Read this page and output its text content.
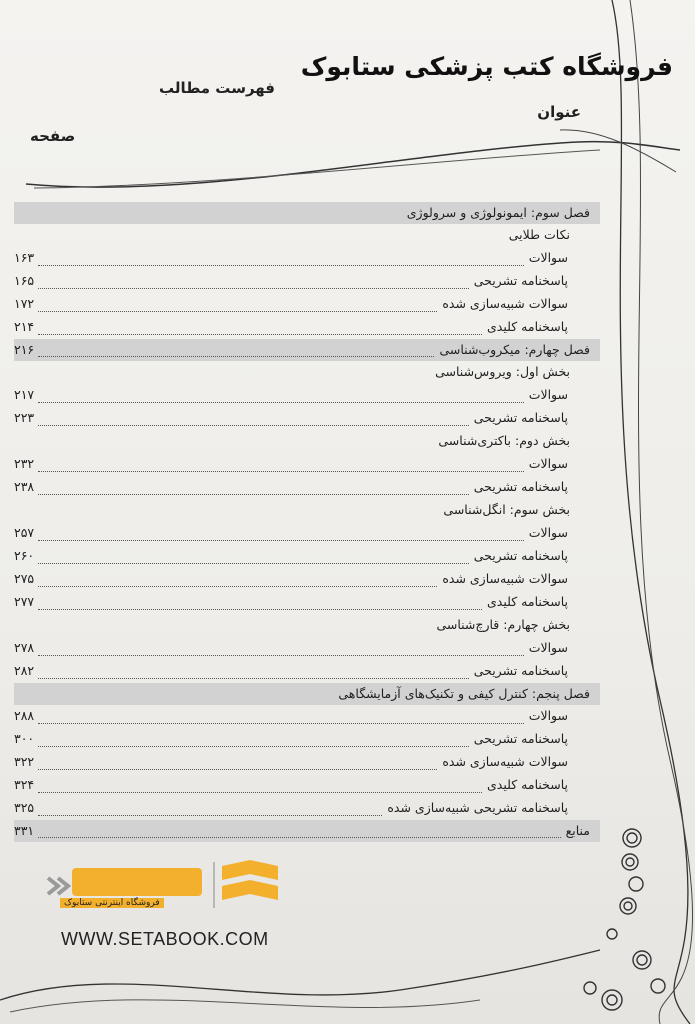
فروشگاه کتب پزشکی ستابوک
فهرست مطالب
عنوان
صفحه
فصل سوم: ایمونولوژی و سرولوژی
نکات طلایی
سوالات
۱۶۳
پاسخنامه تشریحی
۱۶۵
سوالات شبیه‌سازی شده
۱۷۲
پاسخنامه کلیدی
۲۱۴
فصل چهارم: میکروب‌شناسی
۲۱۶
بخش اول: ویروس‌شناسی
سوالات
۲۱۷
پاسخنامه تشریحی
۲۲۳
بخش دوم: باکتری‌شناسی
سوالات
۲۳۲
پاسخنامه تشریحی
۲۳۸
بخش سوم: انگل‌شناسی
سوالات
۲۵۷
پاسخنامه تشریحی
۲۶۰
سوالات شبیه‌سازی شده
۲۷۵
پاسخنامه کلیدی
۲۷۷
بخش چهارم: قارچ‌شناسی
سوالات
۲۷۸
پاسخنامه تشریحی
۲۸۲
فصل پنجم: کنترل کیفی و تکنیک‌های آزمایشگاهی
سوالات
۲۸۸
پاسخنامه تشریحی
۳۰۰
سوالات شبیه‌سازی شده
۳۲۲
پاسخنامه کلیدی
۳۲۴
پاسخنامه تشریحی شبیه‌سازی شده
۳۲۵
منابع
۳۳۱
فروشگاه اینترنتی ستابوک
WWW.SETABOOK.COM
